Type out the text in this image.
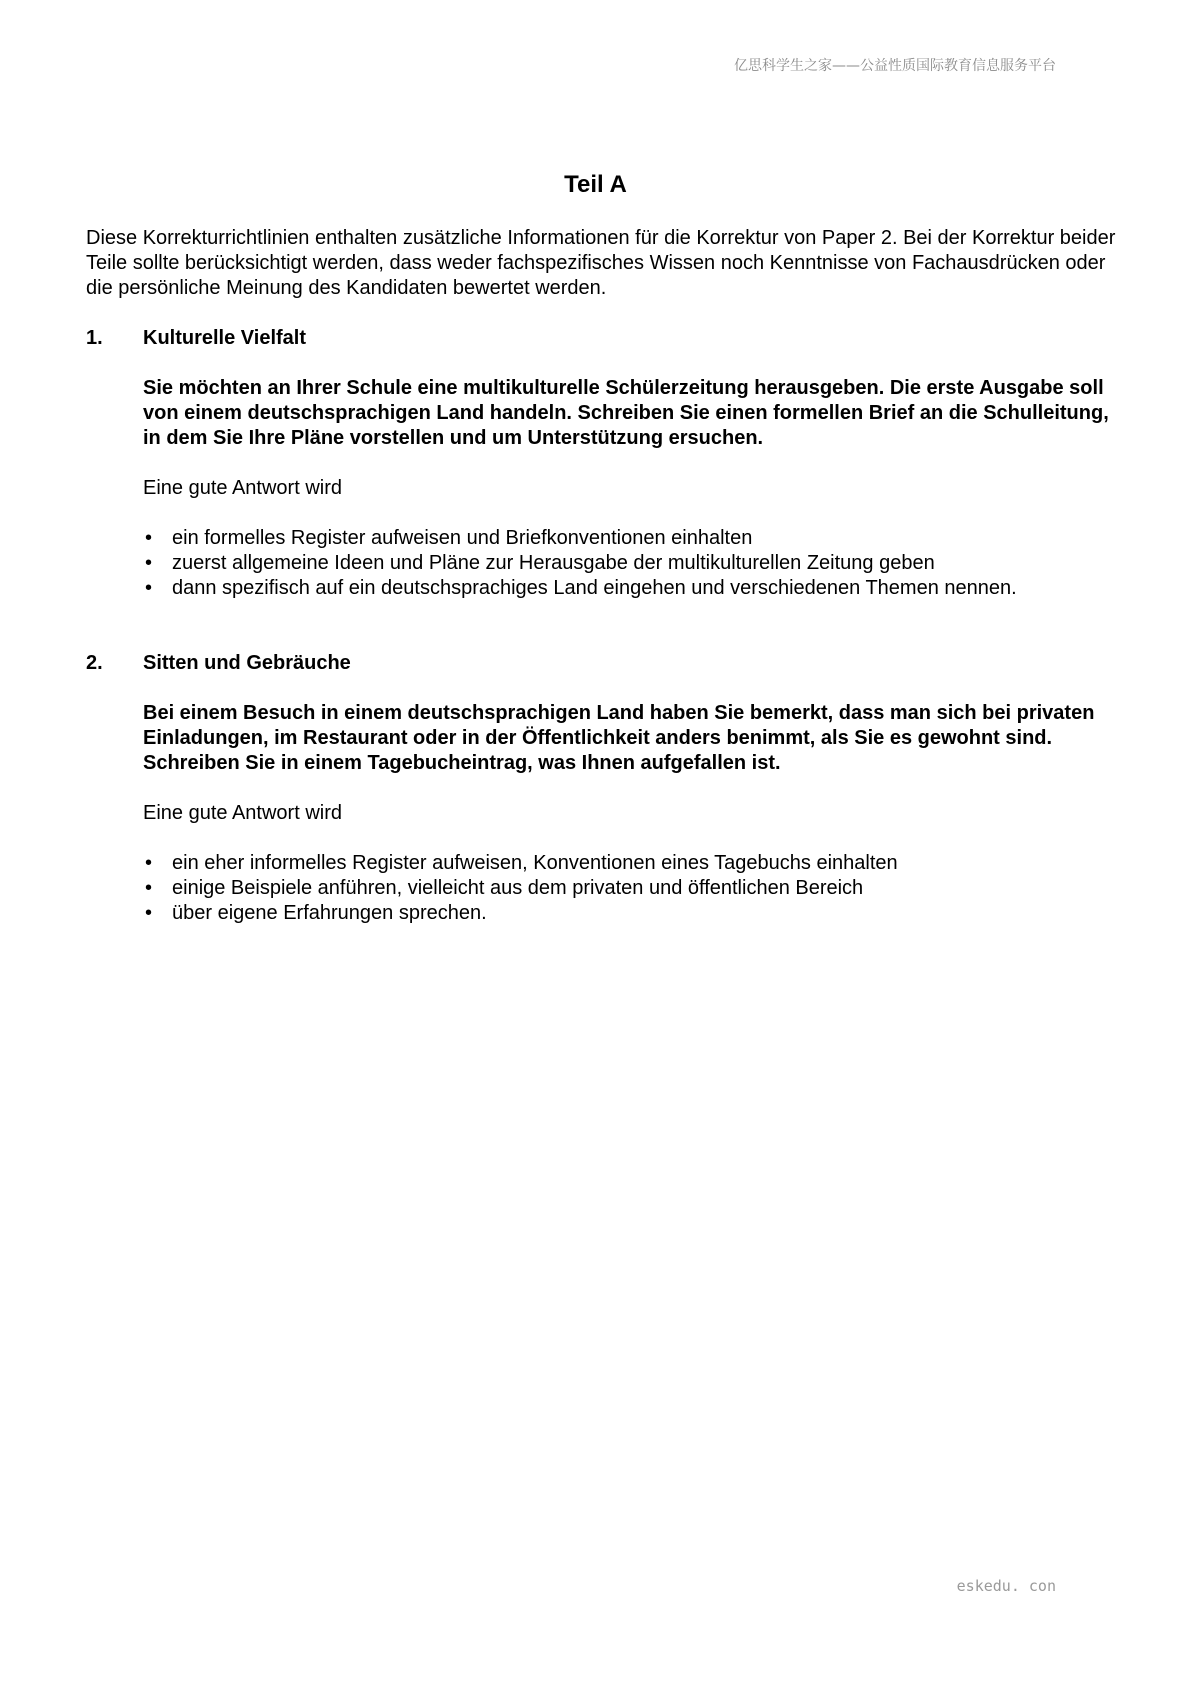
亿思科学生之家——公益性质国际教育信息服务平台
Teil A

Diese Korrekturrichtlinien enthalten zusätzliche Informationen für die Korrektur von Paper 2. Bei der Korrektur beider Teile sollte berücksichtigt werden, dass weder fachspezifisches Wissen noch Kenntnisse von Fachausdrücken oder die persönliche Meinung des Kandidaten bewertet werden.

1.	Kulturelle Vielfalt
Sie möchten an Ihrer Schule eine multikulturelle Schülerzeitung herausgeben. Die erste Ausgabe soll von einem deutschsprachigen Land handeln. Schreiben Sie einen formellen Brief an die Schulleitung, in dem Sie Ihre Pläne vorstellen und um Unterstützung ersuchen.
Eine gute Antwort wird
• ein formelles Register aufweisen und Briefkonventionen einhalten
• zuerst allgemeine Ideen und Pläne zur Herausgabe der multikulturellen Zeitung geben
• dann spezifisch auf ein deutschsprachiges Land eingehen und verschiedenen Themen nennen.
2.	Sitten und Gebräuche
Bei einem Besuch in einem deutschsprachigen Land haben Sie bemerkt, dass man sich bei privaten Einladungen, im Restaurant oder in der Öffentlichkeit anders benimmt, als Sie es gewohnt sind. Schreiben Sie in einem Tagebucheintrag, was Ihnen aufgefallen ist.
Eine gute Antwort wird
• ein eher informelles Register aufweisen, Konventionen eines Tagebuchs einhalten
• einige Beispiele anführen, vielleicht aus dem privaten und öffentlichen Bereich
• über eigene Erfahrungen sprechen.
eskedu. con
